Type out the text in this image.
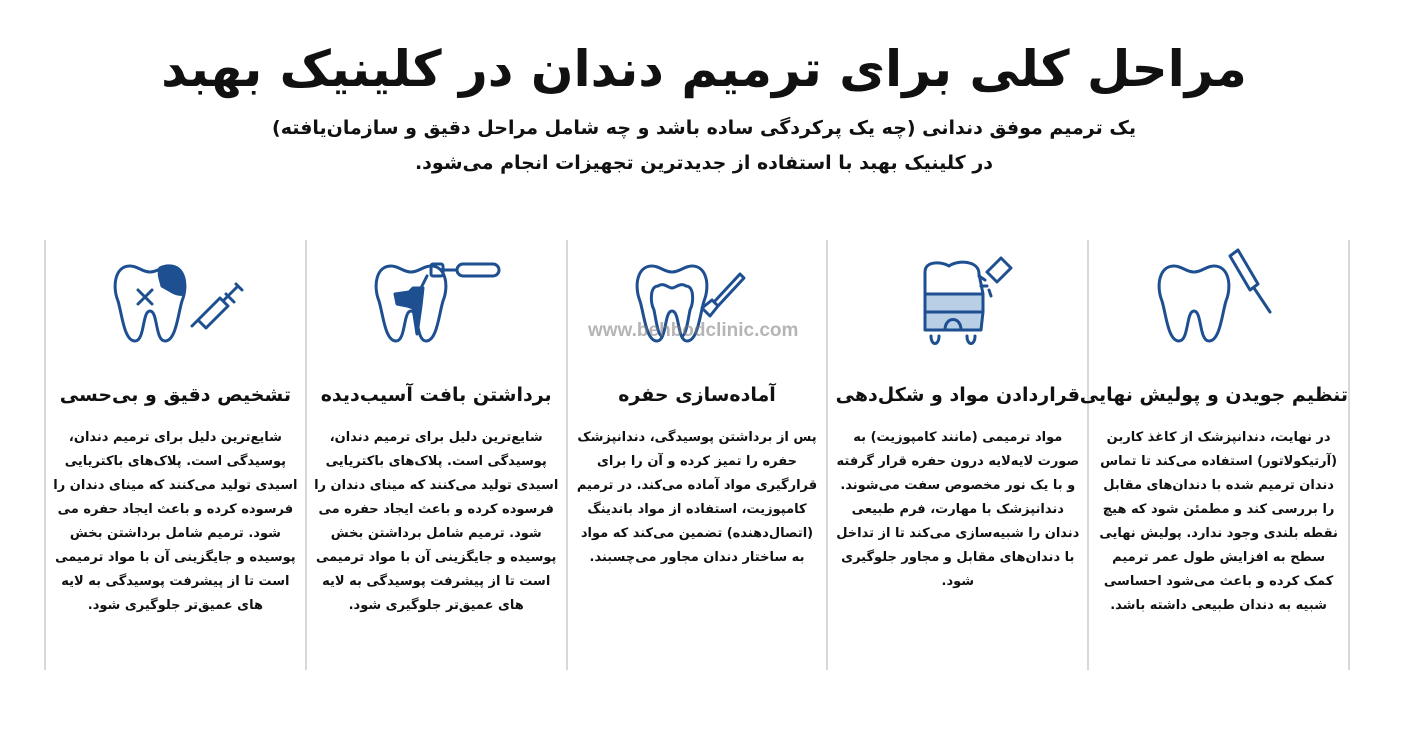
مراحل کلی برای ترمیم دندان در کلینیک بهبد
یک ترمیم موفق دندانی (چه یک پرکردگی ساده باشد و چه شامل مراحل دقیق و سازمان‌یافته)
در کلینیک بهبد با استفاده از جدیدترین تجهیزات انجام می‌شود.
تشخیص دقیق و بی‌حسی
شایع‌ترین دلیل برای ترمیم دندان، پوسیدگی است. پلاک‌های باکتریایی اسیدی تولید می‌کنند که مینای دندان را فرسوده کرده و باعث ایجاد حفره می شود. ترمیم شامل برداشتن بخش پوسیده و جایگزینی آن با مواد ترمیمی است تا از پیشرفت پوسیدگی به لایه های عمیق‌تر جلوگیری شود.
برداشتن بافت آسیب‌دیده
شایع‌ترین دلیل برای ترمیم دندان، پوسیدگی است. پلاک‌های باکتریایی اسیدی تولید می‌کنند که مینای دندان را فرسوده کرده و باعث ایجاد حفره می شود. ترمیم شامل برداشتن بخش پوسیده و جایگزینی آن با مواد ترمیمی است تا از پیشرفت پوسیدگی به لایه های عمیق‌تر جلوگیری شود.
آماده‌سازی حفره
پس از برداشتن پوسیدگی، دندانپزشک حفره را تمیز کرده و آن را برای قرارگیری مواد آماده می‌کند. در ترمیم کامپوزیت، استفاده از مواد باندینگ (اتصال‌دهنده) تضمین می‌کند که مواد به ساختار دندان مجاور می‌چسبند.
قراردادن مواد و شکل‌دهی
مواد ترمیمی (مانند کامپوزیت) به صورت لایه‌لایه درون حفره قرار گرفته و با یک نور مخصوص سفت می‌شوند. دندانپزشک با مهارت، فرم طبیعی دندان را شبیه‌سازی می‌کند تا از تداخل با دندان‌های مقابل و مجاور جلوگیری شود.
تنظیم جویدن و پولیش نهایی
در نهایت، دندانپزشک از کاغذ کاربن (آرتیکولاتور) استفاده می‌کند تا تماس دندان ترمیم شده با دندان‌های مقابل را بررسی کند و مطمئن شود که هیچ نقطه بلندی وجود ندارد. پولیش نهایی سطح به افزایش طول عمر ترمیم کمک کرده و باعث می‌شود احساسی شبیه به دندان طبیعی داشته باشد.
www.behbodclinic.com
